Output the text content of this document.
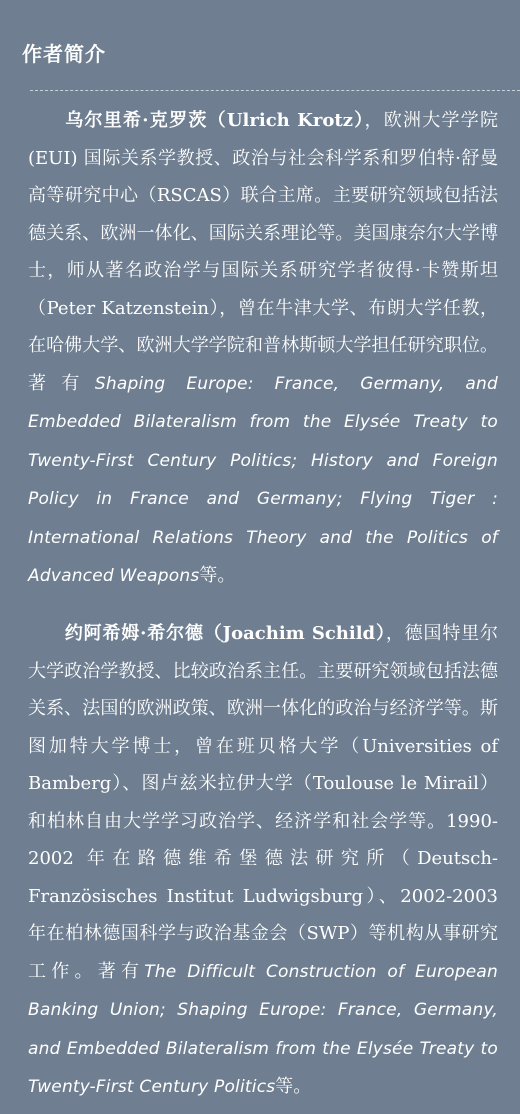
作者简介

乌尔里希·克罗茨（Ulrich Krotz），欧洲大学学院 (EUI) 国际关系学教授、政治与社会科学系和罗伯特·舒曼高等研究中心（RSCAS）联合主席。主要研究领域包括法德关系、欧洲一体化、国际关系理论等。美国康奈尔大学博士，师从著名政治学与国际关系研究学者彼得·卡赞斯坦（Peter Katzenstein），曾在牛津大学、布朗大学任教，在哈佛大学、欧洲大学学院和普林斯顿大学担任研究职位。著有Shaping Europe: France, Germany, and Embedded Bilateralism from the Elysée Treaty to Twenty-First Century Politics; History and Foreign Policy in France and Germany; Flying Tiger : International Relations Theory and the Politics of Advanced Weapons等。

约阿希姆·希尔德（Joachim Schild），德国特里尔大学政治学教授、比较政治系主任。主要研究领域包括法德关系、法国的欧洲政策、欧洲一体化的政治与经济学等。斯图加特大学博士，曾在班贝格大学（Universities of Bamberg）、图卢兹米拉伊大学（Toulouse le Mirail）和柏林自由大学学习政治学、经济学和社会学等。1990-2002 年在路德维希堡德法研究所（Deutsch-Französisches Institut Ludwigsburg）、2002-2003 年在柏林德国科学与政治基金会（SWP）等机构从事研究工作。著有The Difficult Construction of European Banking Union; Shaping Europe: France, Germany, and Embedded Bilateralism from the Elysée Treaty to Twenty-First Century Politics等。
